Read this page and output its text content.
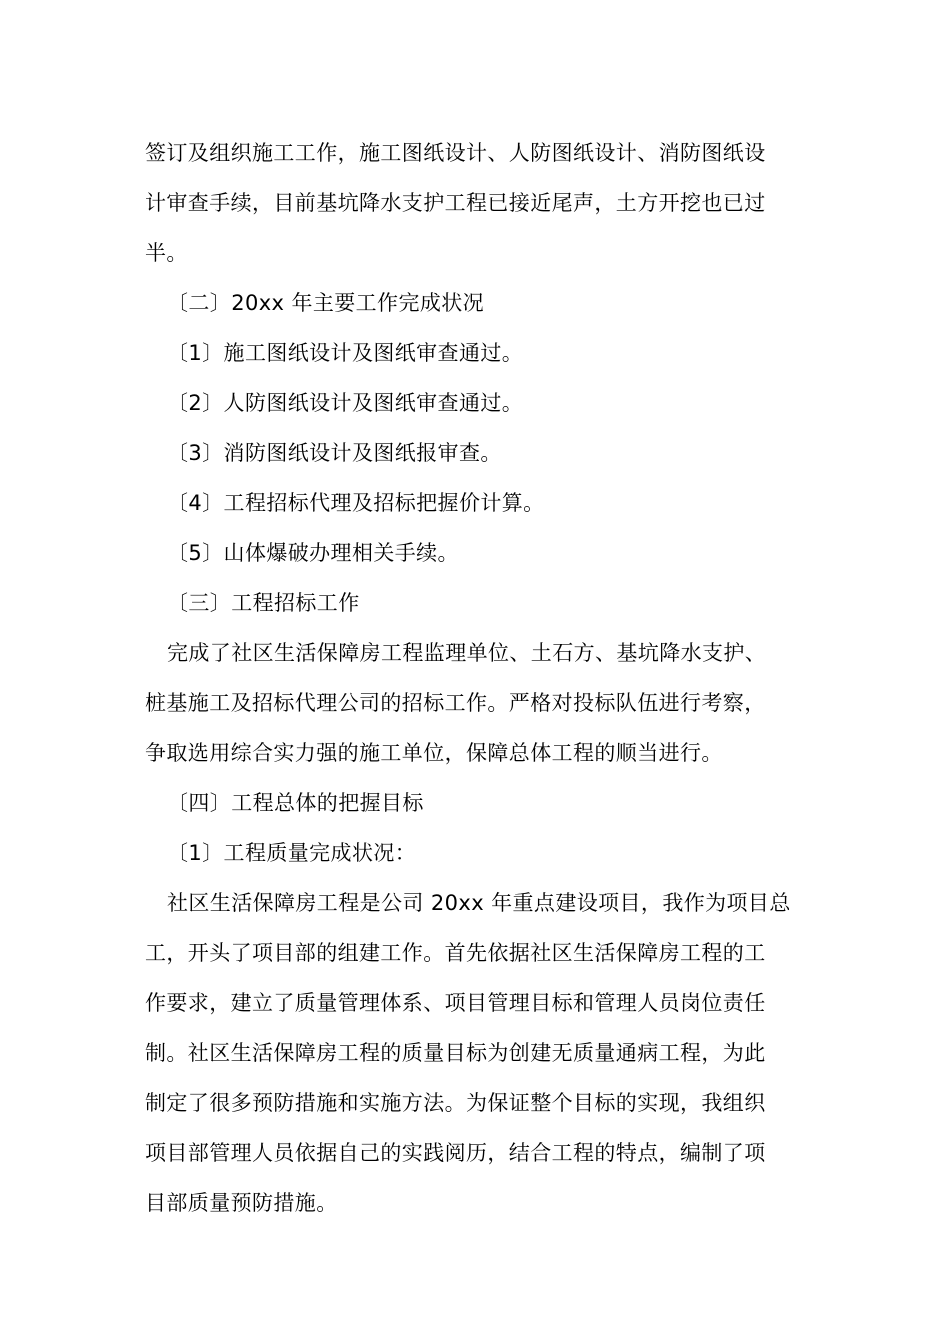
签订及组织施工工作，施工图纸设计、人防图纸设计、消防图纸设
计审查手续，目前基坑降水支护工程已接近尾声，土方开挖也已过
半。
〔二〕20xx 年主要工作完成状况
〔1〕施工图纸设计及图纸审查通过。
〔2〕人防图纸设计及图纸审查通过。
〔3〕消防图纸设计及图纸报审查。
〔4〕工程招标代理及招标把握价计算。
〔5〕山体爆破办理相关手续。
〔三〕工程招标工作
完成了社区生活保障房工程监理单位、土石方、基坑降水支护、
桩基施工及招标代理公司的招标工作。严格对投标队伍进行考察，
争取选用综合实力强的施工单位，保障总体工程的顺当进行。
〔四〕工程总体的把握目标
〔1〕工程质量完成状况：
社区生活保障房工程是公司 20xx 年重点建设项目，我作为项目总
工，开头了项目部的组建工作。首先依据社区生活保障房工程的工
作要求，建立了质量管理体系、项目管理目标和管理人员岗位责任
制。社区生活保障房工程的质量目标为创建无质量通病工程，为此
制定了很多预防措施和实施方法。为保证整个目标的实现，我组织
项目部管理人员依据自己的实践阅历，结合工程的特点，编制了项
目部质量预防措施。
